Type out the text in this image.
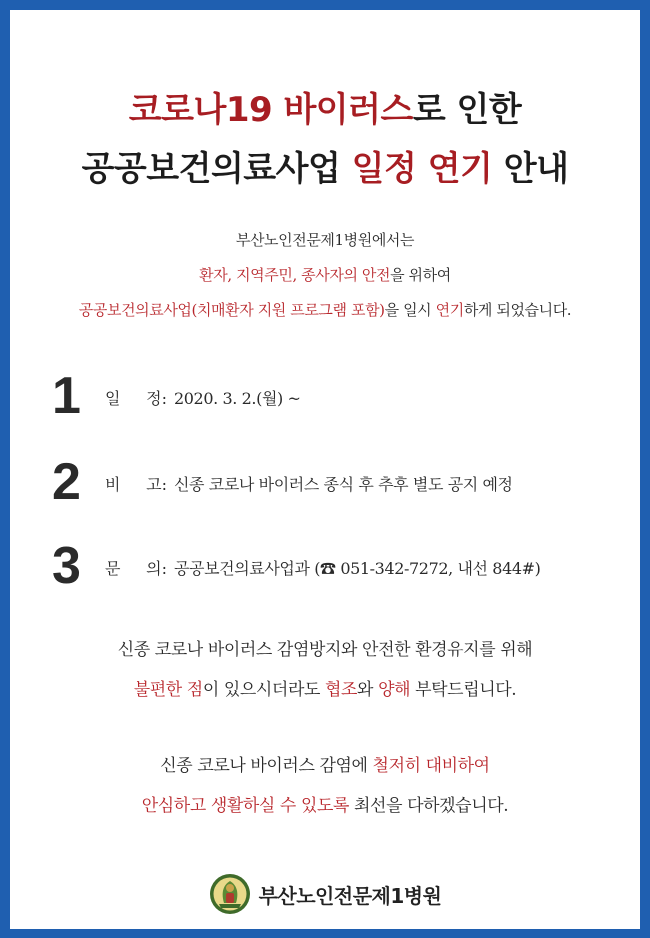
코로나19 바이러스로 인한
공공보건의료사업 일정 연기 안내
부산노인전문제1병원에서는
환자, 지역주민, 종사자의 안전을 위하여
공공보건의료사업(치매환자 지원 프로그램 포함)을 일시 연기하게 되었습니다.
1 일 정: 2020. 3. 2.(월) ~
2 비 고: 신종 코로나 바이러스 종식 후 추후 별도 공지 예정
3 문 의: 공공보건의료사업과 (☎ 051-342-7272, 내선 844#)
신종 코로나 바이러스 감염방지와 안전한 환경유지를 위해
불편한 점이 있으시더라도 협조와 양해 부탁드립니다.
신종 코로나 바이러스 감염에 철저히 대비하여
안심하고 생활하실 수 있도록 최선을 다하겠습니다.
부산노인전문제1병원
